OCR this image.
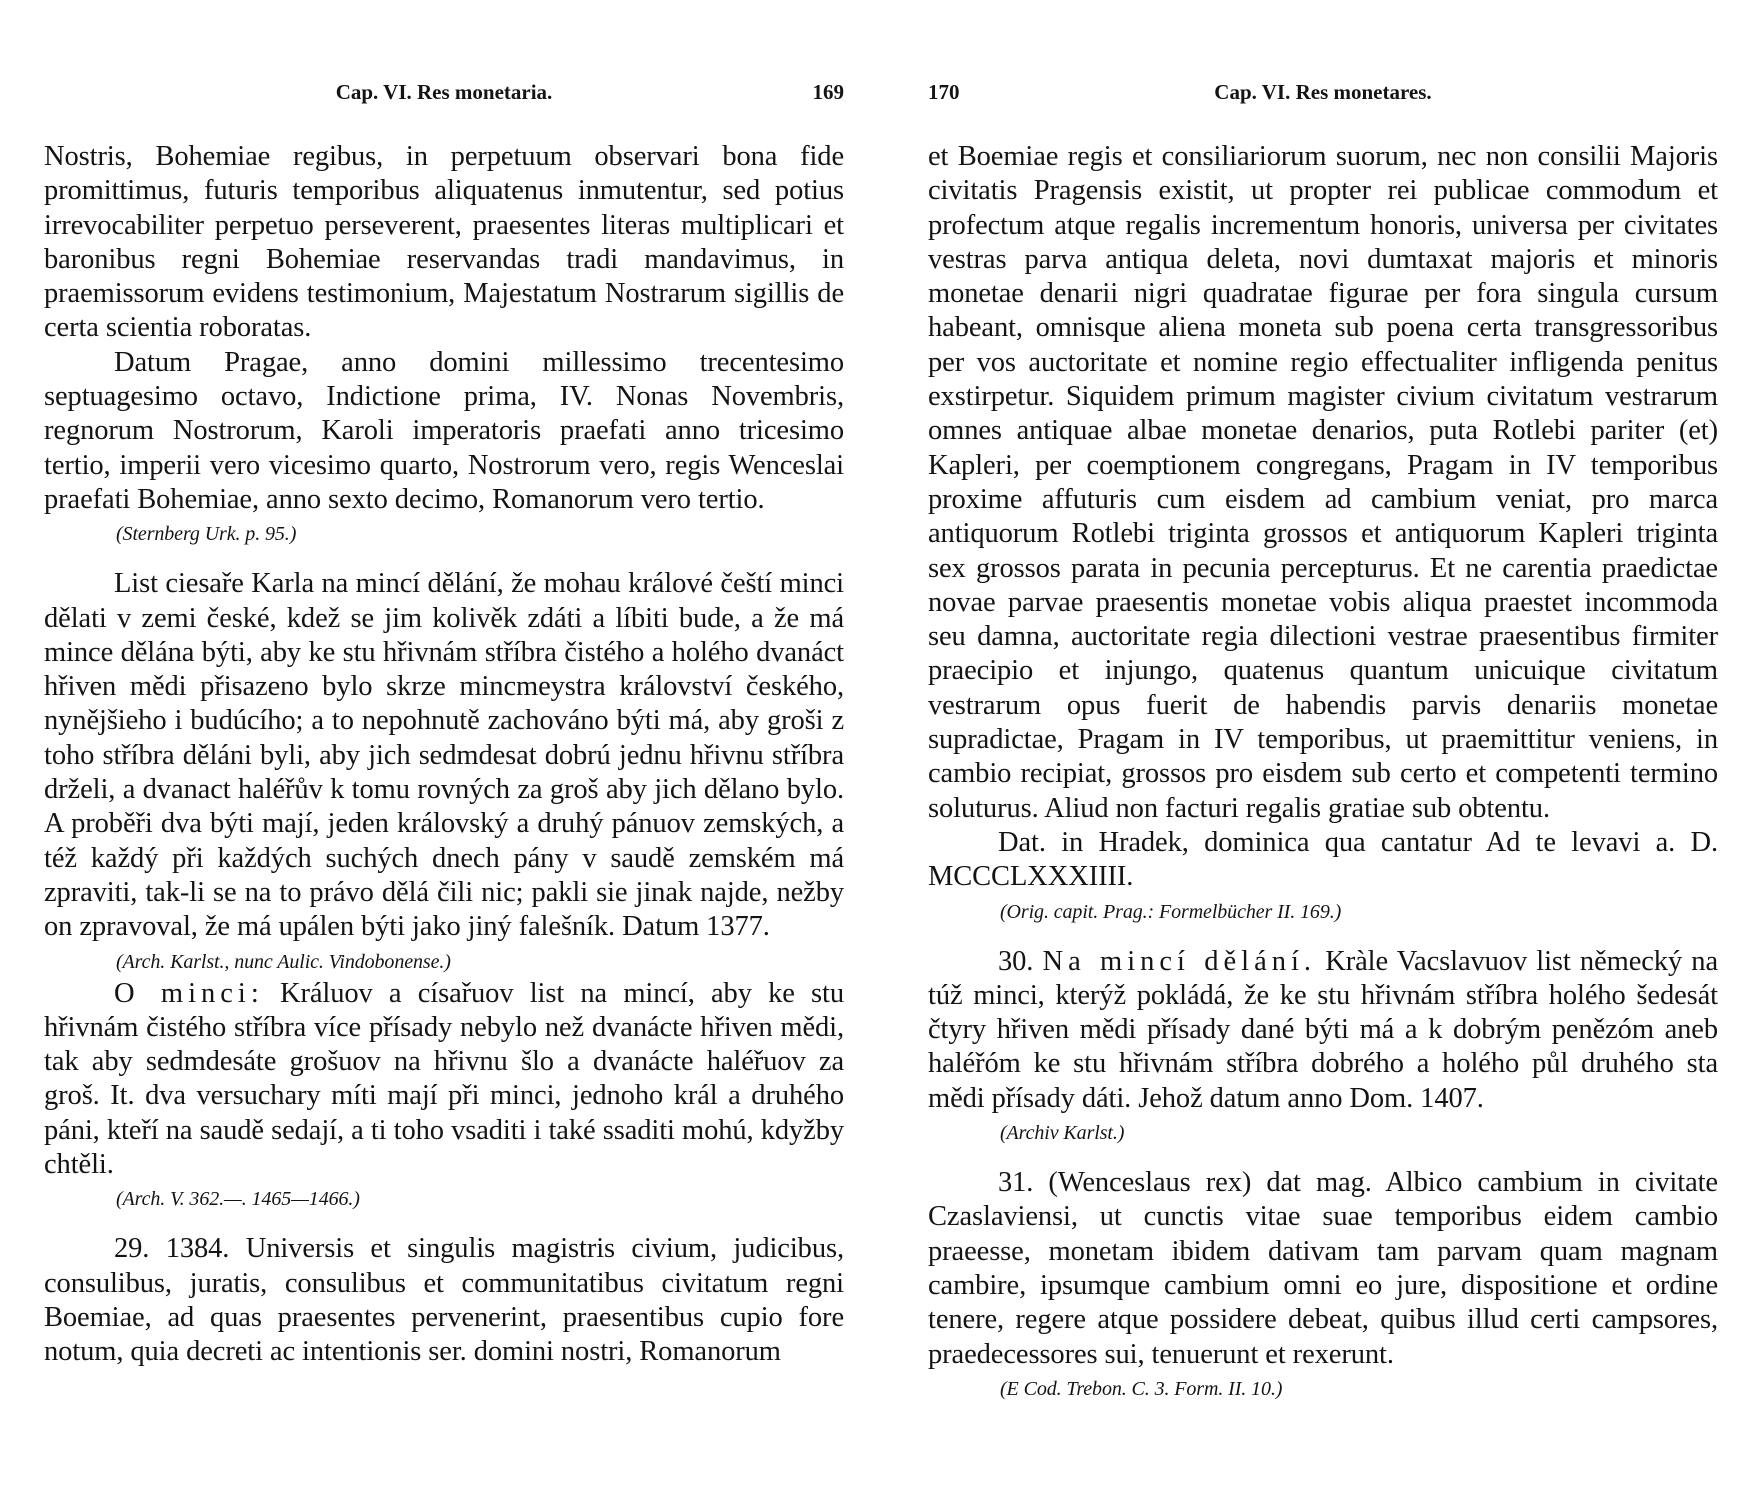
Cap. VI. Res monetaria.	169

Nostris, Bohemiae regibus, in perpetuum observari bona fide promittimus, futuris temporibus aliquatenus inmutentur, sed potius irrevocabiliter perpetuo perseverent, praesentes literas multiplicari et baronibus regni Bohemiae reservandas tradi mandavimus, in praemissorum evidens testimonium, Majestatum Nostrarum sigillis de certa scientia roboratas.

Datum Pragae, anno domini millessimo trecentesimo septuagesimo octavo, Indictione prima, IV. Nonas Novembris, regnorum Nostrorum, Karoli imperatoris praefati anno tricesimo tertio, imperii vero vicesimo quarto, Nostrorum vero, regis Wenceslai praefati Bohemiae, anno sexto decimo, Romanorum vero tertio.

(Sternberg Urk. p. 95.)

List ciesaře Karla na mincí dělání, že mohau králové čeští minci dělati v zemi české, kdež se jim kolivěk zdáti a líbiti bude, a že má mince dělána býti, aby ke stu hřivnám stříbra čistého a holého dvanáct hřiven mědi přisazeno bylo skrze mincmeystra království českého, nynějšieho i budúcího; a to nepohnutě zachováno býti má, aby groši z toho stříbra děláni byli, aby jich sedmdesat dobrú jednu hřivnu stříbra drželi, a dvanact haléřův k tomu rovných za groš aby jich dělano bylo. A proběři dva býti mají, jeden královský a druhý pánuov zemských, a též každý při každých suchých dnech pány v saudě zemském má zpraviti, tak-li se na to právo dělá čili nic; pakli sie jinak najde, nežby on zpravoval, že má upálen býti jako jiný falešník. Datum 1377.

(Arch. Karlst., nunc Aulic. Vindobonense.)

O minci: Králuov a císařuov list na mincí, aby ke stu hřivnám čistého stříbra více přísady nebylo než dvanácte hřiven mědi, tak aby sedmdesáte grošuov na hřivnu šlo a dvanácte haléřuov za groš. It. dva versuchary míti mají při minci, jednoho král a druhého páni, kteří na saudě sedají, a ti toho vsaditi i také ssaditi mohú, kdyžby chtěli.

(Arch. V. 362.—. 1465—1466.)

29. 1384. Universis et singulis magistris civium, judicibus, consulibus, juratis, consulibus et communitatibus civitatum regni Boemiae, ad quas praesentes pervenerint, praesentibus cupio fore notum, quia decreti ac intentionis ser. domini nostri, Romanorum

170	Cap. VI. Res monetares.

et Boemiae regis et consiliariorum suorum, nec non consilii Majoris civitatis Pragensis existit, ut propter rei publicae commodum et profectum atque regalis incrementum honoris, universa per civitates vestras parva antiqua deleta, novi dumtaxat majoris et minoris monetae denarii nigri quadratae figurae per fora singula cursum habeant, omnisque aliena moneta sub poena certa transgressoribus per vos auctoritate et nomine regio effectualiter infligenda penitus exstirpetur. Siquidem primum magister civium civitatum vestrarum omnes antiquae albae monetae denarios, puta Rotlebi pariter (et) Kapleri, per coemptionem congregans, Pragam in IV temporibus proxime affuturis cum eisdem ad cambium veniat, pro marca antiquorum Rotlebi triginta grossos et antiquorum Kapleri triginta sex grossos parata in pecunia percepturus. Et ne carentia praedictae novae parvae praesentis monetae vobis aliqua praestet incommoda seu damna, auctoritate regia dilectioni vestrae praesentibus firmiter praecipio et injungo, quatenus quantum unicuique civitatum vestrarum opus fuerit de habendis parvis denariis monetae supradictae, Pragam in IV temporibus, ut praemittitur veniens, in cambio recipiat, grossos pro eisdem sub certo et competenti termino soluturus. Aliud non facturi regalis gratiae sub obtentu.

Dat. in Hradek, dominica qua cantatur Ad te levavi a. D. MCCCLXXXIIII.

(Orig. capit. Prag.: Formelbücher II. 169.)

30. Na mincí dělání. Kràle Vacslavuov list německý na túž minci, kterýž pokládá, že ke stu hřivnám stříbra holého šedesát čtyry hřiven mědi přísady dané býti má a k dobrým penězóm aneb haléřóm ke stu hřivnám stříbra dobrého a holého půl druhého sta mědi přísady dáti. Jehož datum anno Dom. 1407.

(Archiv Karlst.)

31. (Wenceslaus rex) dat mag. Albico cambium in civitate Czaslaviensi, ut cunctis vitae suae temporibus eidem cambio praeesse, monetam ibidem dativam tam parvam quam magnam cambire, ipsumque cambium omni eo jure, dispositione et ordine tenere, regere atque possidere debeat, quibus illud certi campsores, praedecessores sui, tenuerunt et rexerunt.

(E Cod. Trebon. C. 3. Form. II. 10.)
